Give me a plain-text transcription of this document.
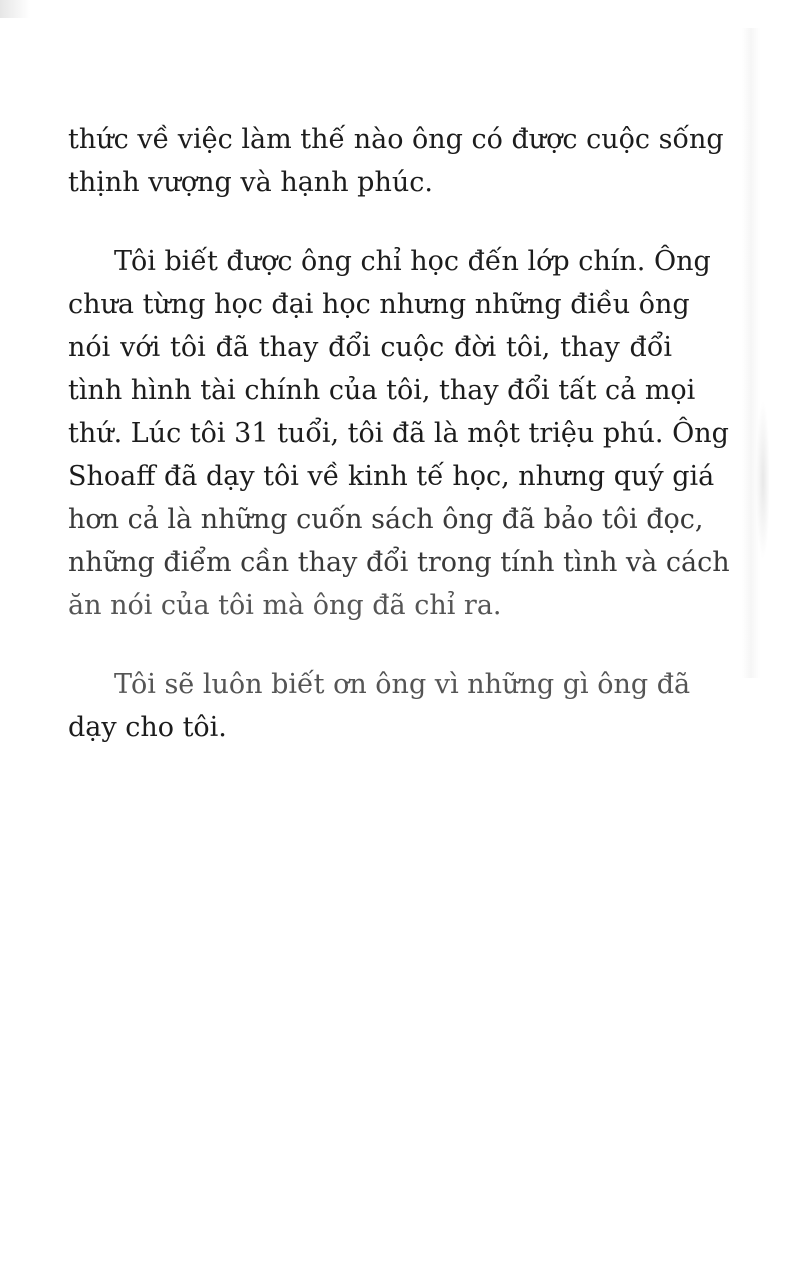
thức về việc làm thế nào ông có được cuộc sống
thịnh vượng và hạnh phúc.

Tôi biết được ông chỉ học đến lớp chín. Ông
chưa từng học đại học nhưng những điều ông
nói với tôi đã thay đổi cuộc đời tôi, thay đổi
tình hình tài chính của tôi, thay đổi tất cả mọi
thứ. Lúc tôi 31 tuổi, tôi đã là một triệu phú. Ông
Shoaff đã dạy tôi về kinh tế học, nhưng quý giá
hơn cả là những cuốn sách ông đã bảo tôi đọc,
những điểm cần thay đổi trong tính tình và cách
ăn nói của tôi mà ông đã chỉ ra.

Tôi sẽ luôn biết ơn ông vì những gì ông đã
dạy cho tôi.
